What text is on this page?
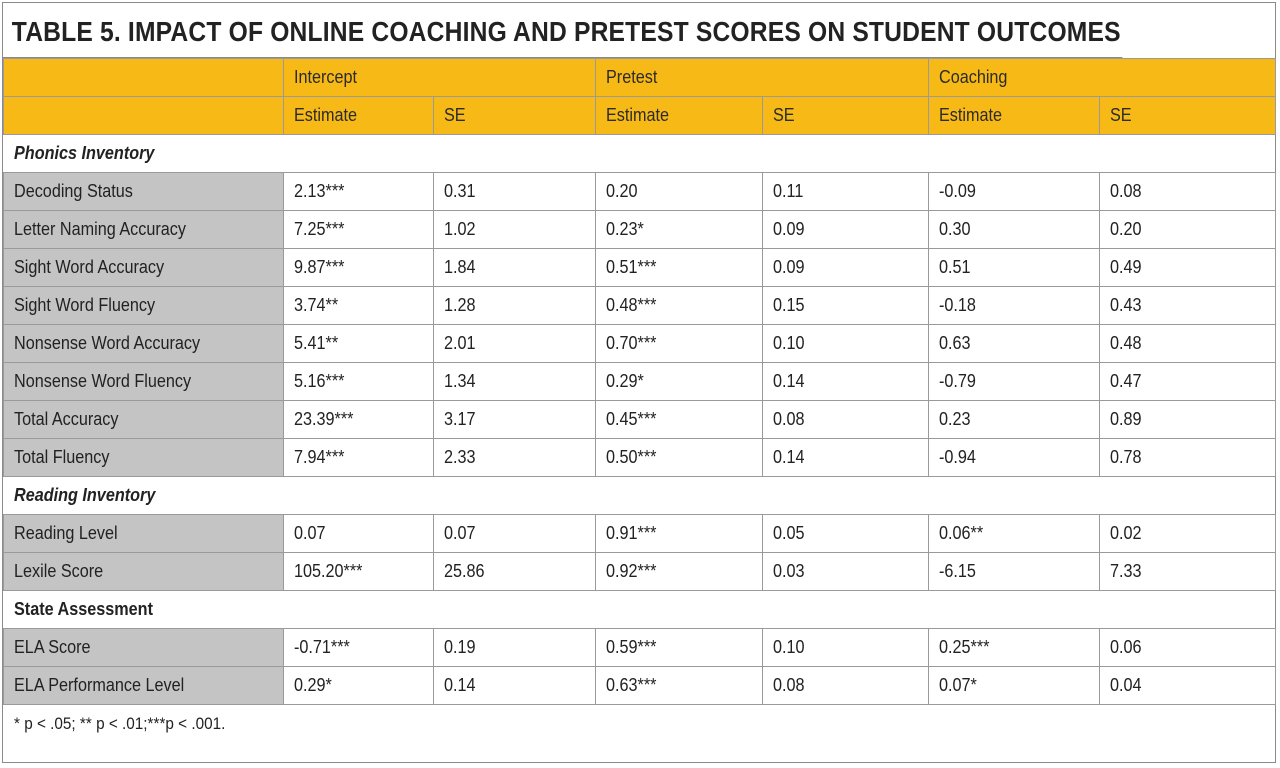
TABLE 5. IMPACT OF ONLINE COACHING AND PRETEST SCORES ON STUDENT OUTCOMES
	Intercept		Pretest		Coaching	
	Estimate	SE	Estimate	SE	Estimate	SE
Phonics Inventory						
Decoding Status	2.13***	0.31	0.20	0.11	-0.09	0.08
Letter Naming Accuracy	7.25***	1.02	0.23*	0.09	0.30	0.20
Sight Word Accuracy	9.87***	1.84	0.51***	0.09	0.51	0.49
Sight Word Fluency	3.74**	1.28	0.48***	0.15	-0.18	0.43
Nonsense Word Accuracy	5.41**	2.01	0.70***	0.10	0.63	0.48
Nonsense Word Fluency	5.16***	1.34	0.29*	0.14	-0.79	0.47
Total Accuracy	23.39***	3.17	0.45***	0.08	0.23	0.89
Total Fluency	7.94***	2.33	0.50***	0.14	-0.94	0.78
Reading Inventory						
Reading Level	0.07	0.07	0.91***	0.05	0.06**	0.02
Lexile Score	105.20***	25.86	0.92***	0.03	-6.15	7.33
State Assessment						
ELA Score	-0.71***	0.19	0.59***	0.10	0.25***	0.06
ELA Performance Level	0.29*	0.14	0.63***	0.08	0.07*	0.04
* p < .05; ** p < .01;***p < .001.						
